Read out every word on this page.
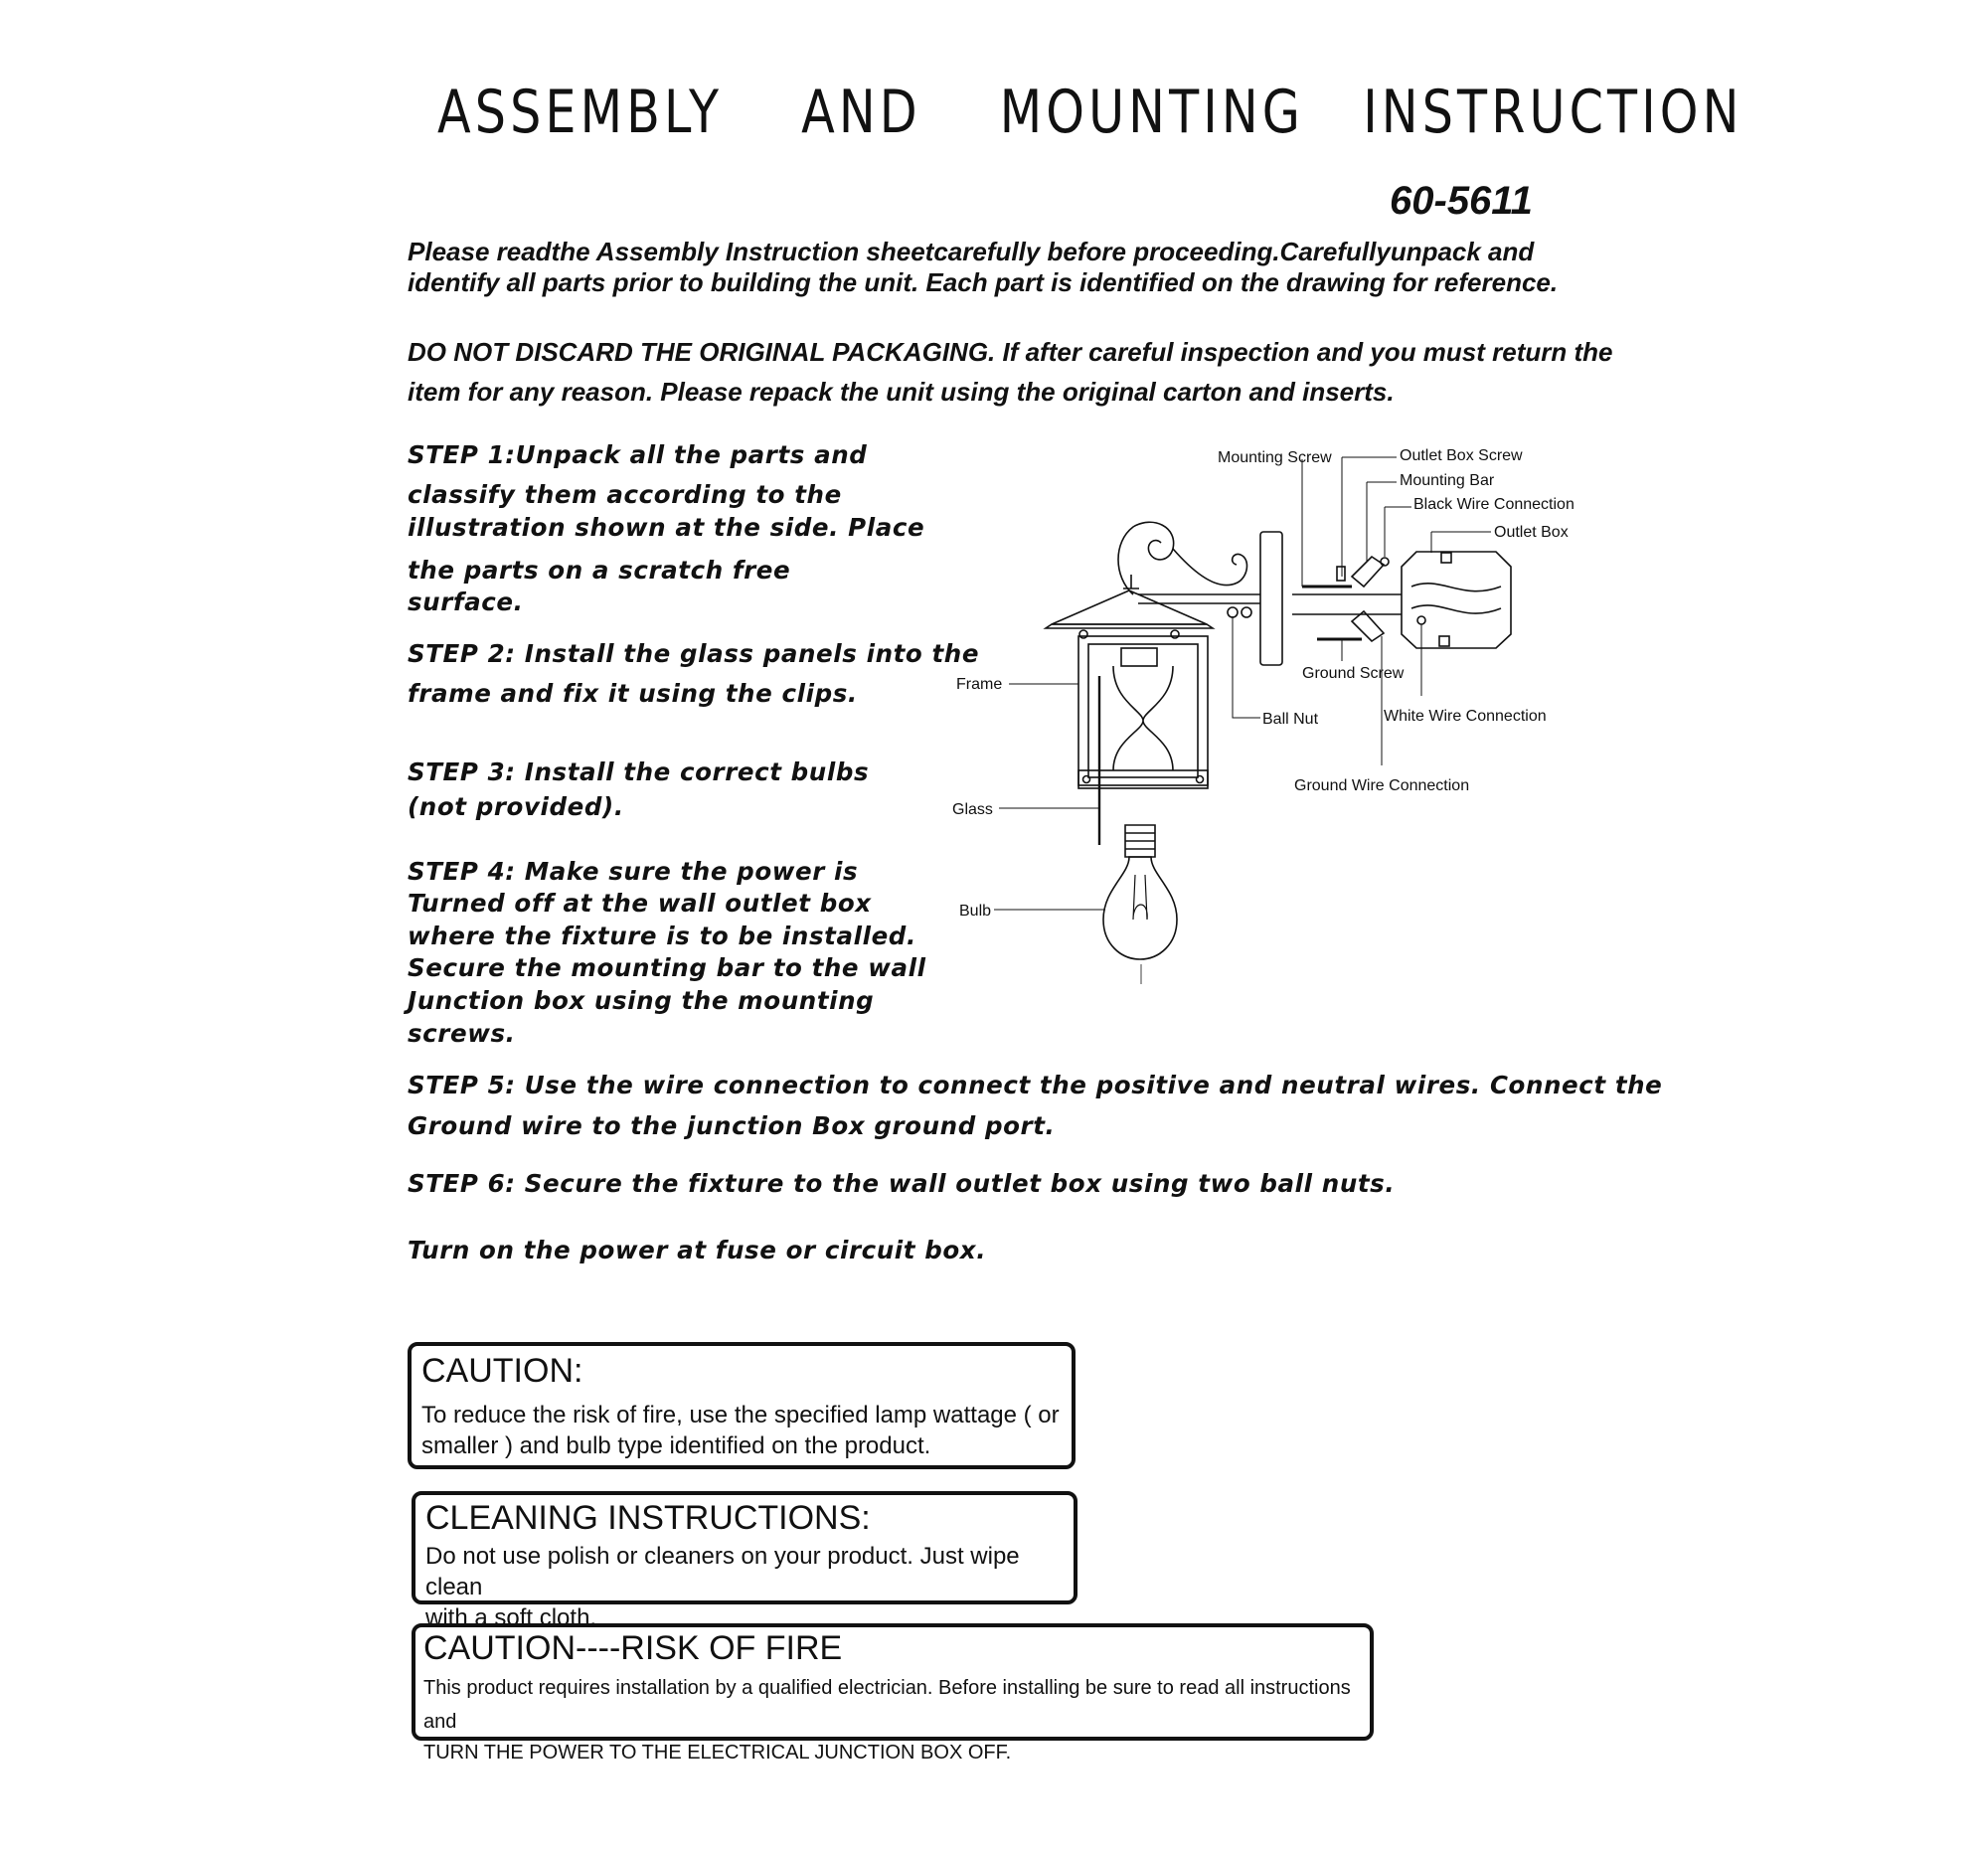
ASSEMBLY    AND    MOUNTING   INSTRUCTION
60-5611
Please readthe Assembly Instruction sheetcarefully before proceeding.Carefullyunpack and
identify all parts prior to building the unit. Each part is identified on the drawing for reference.
DO NOT DISCARD THE ORIGINAL PACKAGING. If after careful inspection and you must return the
item for any reason. Please repack the unit using the original carton and inserts.
STEP 1:Unpack all the parts and
classify them according to the
illustration shown at the side. Place
the parts on a scratch free
surface.
STEP 2: Install the glass panels into the
frame and fix it using the clips.
STEP 3: Install the correct bulbs
(not provided).
STEP 4: Make sure the power is
Turned off at the wall outlet box
where the fixture is to be installed.
Secure the mounting bar to the wall
Junction box using the mounting
screws.
STEP 5: Use the wire connection to connect the positive and neutral wires. Connect the
Ground wire to the junction Box ground port.
STEP 6: Secure the fixture to the wall outlet box using two ball nuts.
Turn on the power at fuse or circuit box.
Mounting Screw	Outlet Box Screw
Mounting Bar
Black Wire Connection
Outlet Box
Frame
Ground Screw
Ball Nut	White Wire Connection
Ground Wire Connection
Glass
Bulb
CAUTION:
To reduce the risk of fire, use the specified lamp wattage ( or
smaller ) and bulb type identified on the product.
CLEANING INSTRUCTIONS:
Do not use polish or cleaners on your product. Just wipe clean
with a soft cloth.
CAUTION----RISK OF FIRE
This product requires installation by a qualified electrician. Before installing be sure to read all instructions and
TURN THE POWER TO THE ELECTRICAL JUNCTION BOX OFF.
